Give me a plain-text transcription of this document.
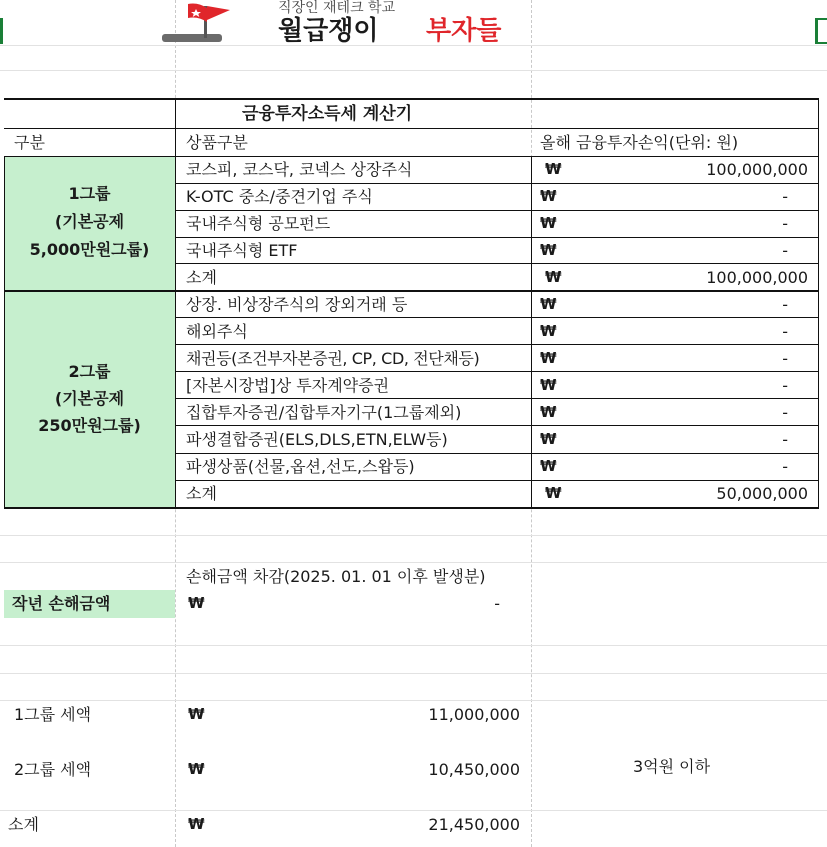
직장인 재테크 학교
월급쟁이 부자들
금융투자소득세 계산기
구분	상품구분	올해 금융투자손익(단위: 원)
1그룹
(기본공제
5,000만원그룹)
코스피, 코스닥, 코넥스 상장주식	₩	100,000,000
K-OTC 중소/중견기업 주식	₩	-
국내주식형 공모펀드	₩	-
국내주식형 ETF	₩	-
소계	₩	100,000,000
2그룹
(기본공제
250만원그룹)
상장. 비상장주식의 장외거래 등	₩	-
해외주식	₩	-
채권등(조건부자본증권, CP, CD, 전단채등)	₩	-
[자본시장법]상 투자계약증권	₩	-
집합투자증권/집합투자기구(1그룹제외)	₩	-
파생결합증권(ELS,DLS,ETN,ELW등)	₩	-
파생상품(선물,옵션,선도,스왑등)	₩	-
소계	₩	50,000,000
손해금액 차감(2025. 01. 01 이후 발생분)
작년 손해금액	₩	-
1그룹 세액	₩	11,000,000
2그룹 세액	₩	10,450,000	3억원 이하
소계	₩	21,450,000
